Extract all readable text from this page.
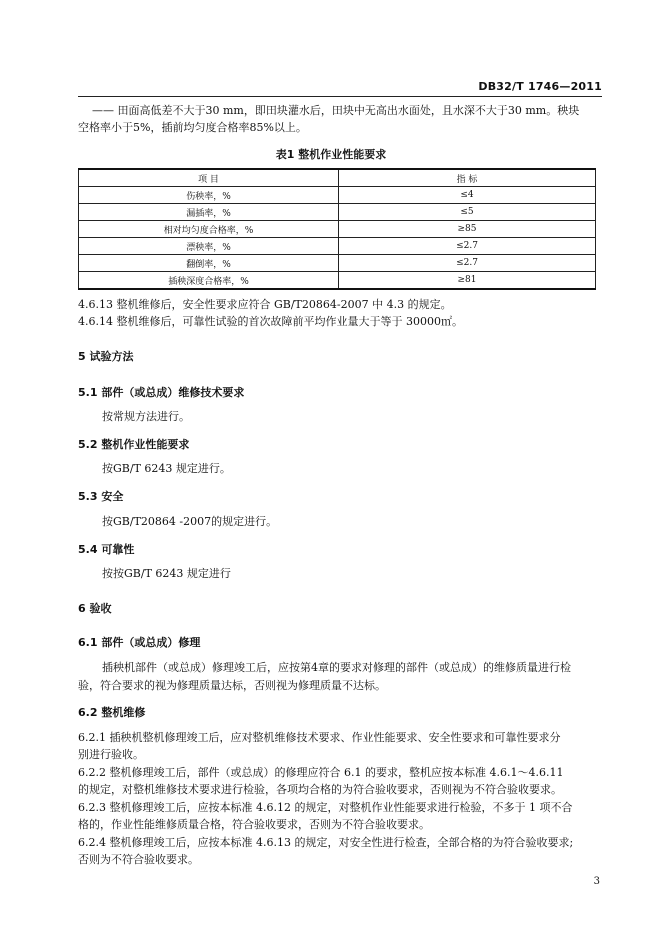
DB32/T 1746—2011
—— 田面高低差不大于30 mm，即田块灌水后，田块中无高出水面处，且水深不大于30 mm。秧块
空格率小于5%，插前均匀度合格率85%以上。
表1 整机作业性能要求
项 目	指 标
伤秧率，%	≤4
漏插率，%	≤5
相对均匀度合格率，%	≥85
漂秧率，%	≤2.7
翻倒率，%	≤2.7
插秧深度合格率，%	≥81
4.6.13 整机维修后，安全性要求应符合 GB/T20864-2007 中 4.3 的规定。
4.6.14 整机维修后，可靠性试验的首次故障前平均作业量大于等于 30000㎡。
5 试验方法
5.1 部件（或总成）维修技术要求
按常规方法进行。
5.2 整机作业性能要求
按GB/T 6243 规定进行。
5.3 安全
按GB/T20864 -2007的规定进行。
5.4 可靠性
按按GB/T 6243 规定进行
6 验收
6.1 部件（或总成）修理
插秧机部件（或总成）修理竣工后，应按第4章的要求对修理的部件（或总成）的维修质量进行检
验，符合要求的视为修理质量达标，否则视为修理质量不达标。
6.2 整机维修
6.2.1 插秧机整机修理竣工后，应对整机维修技术要求、作业性能要求、安全性要求和可靠性要求分
别进行验收。
6.2.2 整机修理竣工后，部件（或总成）的修理应符合 6.1 的要求，整机应按本标准 4.6.1～4.6.11
的规定，对整机维修技术要求进行检验，各项均合格的为符合验收要求，否则视为不符合验收要求。
6.2.3 整机修理竣工后，应按本标准 4.6.12 的规定，对整机作业性能要求进行检验，不多于 1 项不合
格的，作业性能维修质量合格，符合验收要求，否则为不符合验收要求。
6.2.4 整机修理竣工后，应按本标准 4.6.13 的规定，对安全性进行检查，全部合格的为符合验收要求;
否则为不符合验收要求。
3
